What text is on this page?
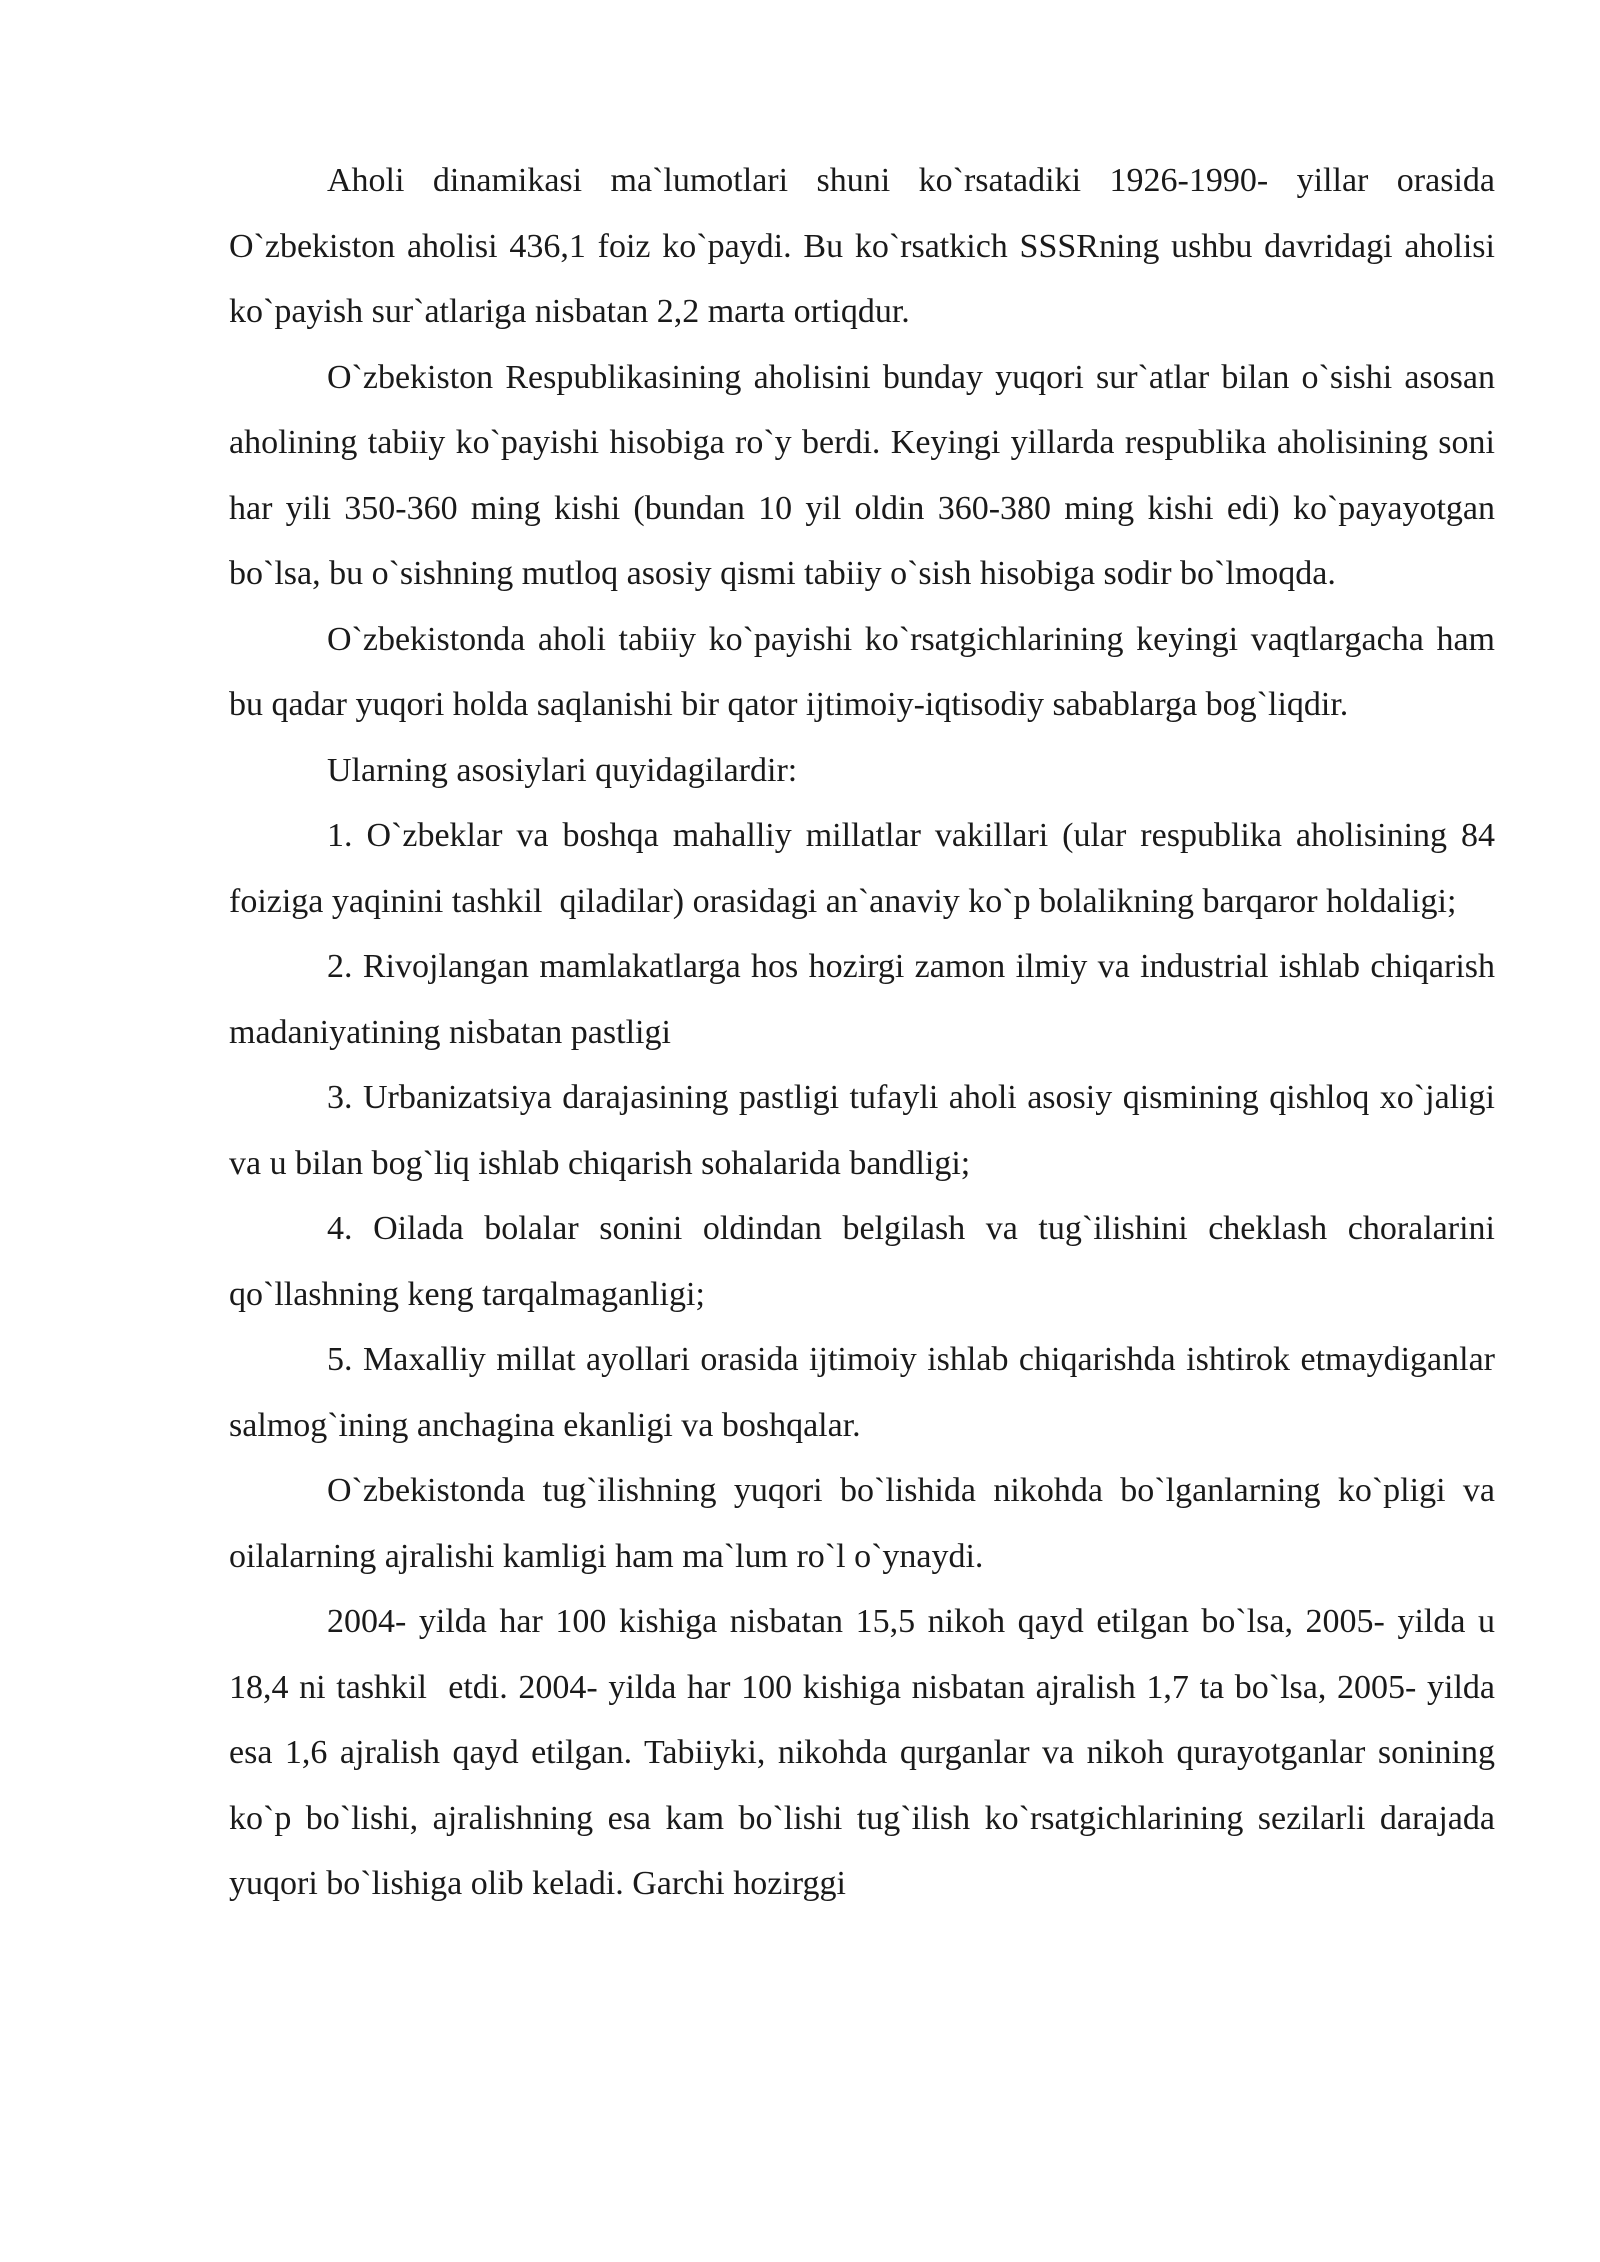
Aholi dinamikasi ma`lumotlari shuni ko`rsatadiki 1926-1990- yillar orasida O`zbekiston aholisi 436,1 foiz ko`paydi. Bu ko`rsatkich SSSRning ushbu davridagi aholisi ko`payish sur`atlariga nisbatan 2,2 marta ortiqdur.

O`zbekiston Respublikasining aholisini bunday yuqori sur`atlar bilan o`sishi asosan aholining tabiiy ko`payishi hisobiga ro`y berdi. Keyingi yillarda respublika aholisining soni har yili 350-360 ming kishi (bundan 10 yil oldin 360-380 ming kishi edi) ko`payayotgan bo`lsa, bu o`sishning mutloq asosiy qismi tabiiy o`sish hisobiga sodir bo`lmoqda.

O`zbekistonda aholi tabiiy ko`payishi ko`rsatgichlarining keyingi vaqtlargacha ham bu qadar yuqori holda saqlanishi bir qator ijtimoiy-iqtisodiy sabablarga bog`liqdir.

Ularning asosiylari quyidagilardir:

1. O`zbeklar va boshqa mahalliy millatlar vakillari (ular respublika aholisining 84 foiziga yaqinini tashkil  qiladilar) orasidagi an`anaviy ko`p bolalikning barqaror holdaligi;

2. Rivojlangan mamlakatlarga hos hozirgi zamon ilmiy va industrial ishlab chiqarish madaniyatining nisbatan pastligi

3. Urbanizatsiya darajasining pastligi tufayli aholi asosiy qismining qishloq xo`jaligi va u bilan bog`liq ishlab chiqarish sohalarida bandligi;

4. Oilada bolalar sonini oldindan belgilash va tug`ilishini cheklash choralarini qo`llashning keng tarqalmaganligi;

5. Maxalliy millat ayollari orasida ijtimoiy ishlab chiqarishda ishtirok etmaydiganlar salmog`ining anchagina ekanligi va boshqalar.

O`zbekistonda tug`ilishning yuqori bo`lishida nikohda bo`lganlarning ko`pligi va oilalarning ajralishi kamligi ham ma`lum ro`l o`ynaydi.

2004- yilda har 100 kishiga nisbatan 15,5 nikoh qayd etilgan bo`lsa, 2005- yilda u 18,4 ni tashkil  etdi. 2004- yilda har 100 kishiga nisbatan ajralish 1,7 ta bo`lsa, 2005- yilda esa 1,6 ajralish qayd etilgan. Tabiiyki, nikohda qurganlar va nikoh qurayotganlar sonining ko`p bo`lishi, ajralishning esa kam bo`lishi tug`ilish ko`rsatgichlarining sezilarli darajada yuqori bo`lishiga olib keladi. Garchi hozirggi
